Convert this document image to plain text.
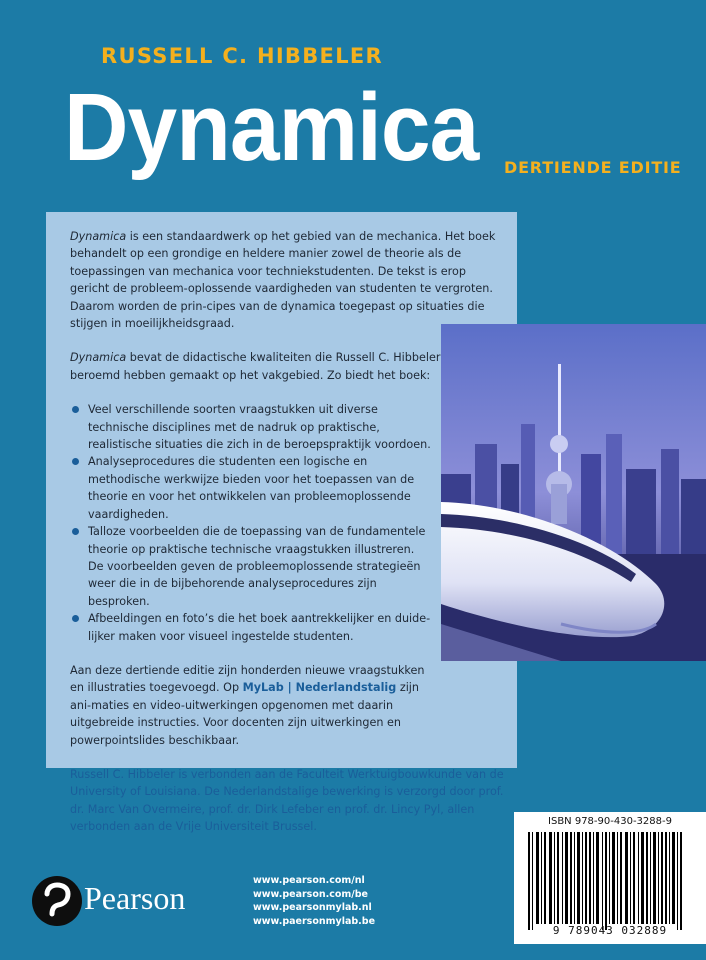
RUSSELL C. HIBBELER
Dynamica DERTIENDE EDITIE

Dynamica is een standaardwerk op het gebied van de mechanica. Het boek behandelt op een grondige en heldere manier zowel de theorie als de toepassingen van mechanica voor techniekstudenten. De tekst is erop gericht de probleem-oplossende vaardigheden van studenten te vergroten. Daarom worden de prin-cipes van de dynamica toegepast op situaties die stijgen in moeilijkheidsgraad.

Dynamica bevat de didactische kwaliteiten die Russell C. Hibbeler beroemd hebben gemaakt op het vakgebied. Zo biedt het boek:

Veel verschillende soorten vraagstukken uit diverse technische disciplines met de nadruk op praktische, realistische situaties die zich in de beroepspraktijk voordoen.
Analyseprocedures die studenten een logische en methodische werkwijze bieden voor het toepassen van de theorie en voor het ontwikkelen van probleemoplossende vaardigheden.
Talloze voorbeelden die de toepassing van de fundamentele theorie op praktische technische vraagstukken illustreren. De voorbeelden geven de probleemoplossende strategieën weer die in de bijbehorende analyseprocedures zijn besproken.
Afbeeldingen en foto’s die het boek aantrekkelijker en duide-lijker maken voor visueel ingestelde studenten.

Aan deze dertiende editie zijn honderden nieuwe vraagstukken en illustraties toegevoegd. Op MyLab | Nederlandstalig zijn ani-maties en video-uitwerkingen opgenomen met daarin uitgebreide instructies. Voor docenten zijn uitwerkingen en powerpointslides beschikbaar.

Russell C. Hibbeler is verbonden aan de Faculteit Werktuigbouwkunde van de University of Louisiana. De Nederlandstalige bewerking is verzorgd door prof. dr. Marc Van Overmeire, prof. dr. Dirk Lefeber en prof. dr. Lincy Pyl, allen verbonden aan de Vrije Universiteit Brussel.	ISBN 978-90-430-3288-9
9 789043 032889
Pearson	www.pearson.com/nl
www.pearson.com/be
www.pearsonmylab.nl
www.paersonmylab.be
